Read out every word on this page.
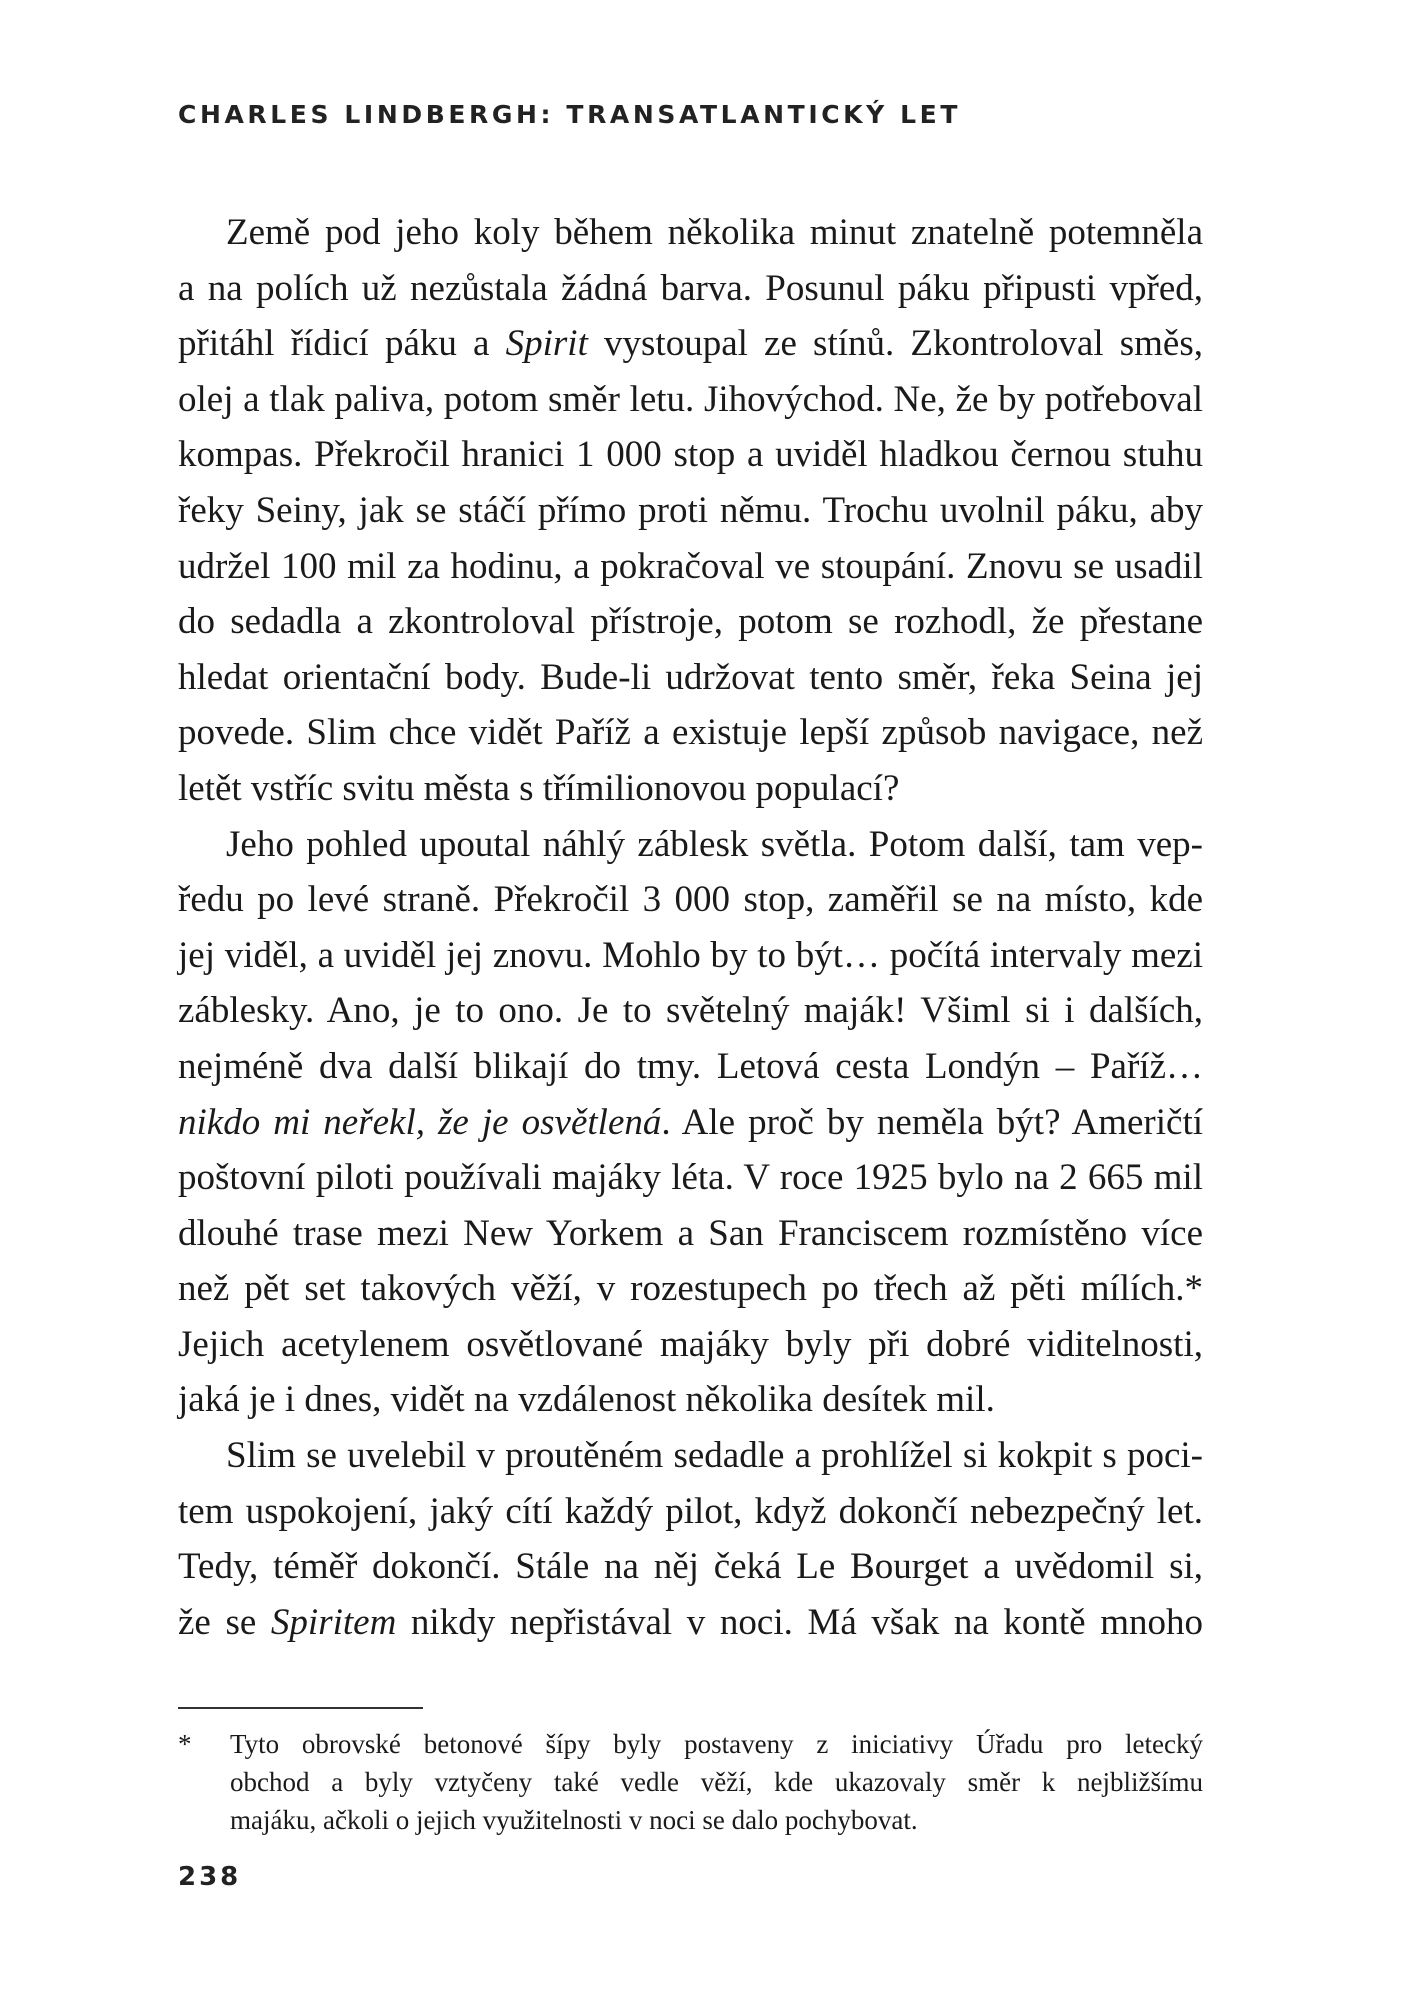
CHARLES LINDBERGH: TRANSATLANTICKÝ LET
Země pod jeho koly během několika minut znatelně potemněla
a na polích už nezůstala žádná barva. Posunul páku připusti vpřed,
přitáhl řídicí páku a Spirit vystoupal ze stínů. Zkontroloval směs,
olej a tlak paliva, potom směr letu. Jihovýchod. Ne, že by potřeboval
kompas. Překročil hranici 1 000 stop a uviděl hladkou černou stuhu
řeky Seiny, jak se stáčí přímo proti němu. Trochu uvolnil páku, aby
udržel 100 mil za hodinu, a pokračoval ve stoupání. Znovu se usadil
do sedadla a zkontroloval přístroje, potom se rozhodl, že přestane
hledat orientační body. Bude-li udržovat tento směr, řeka Seina jej
povede. Slim chce vidět Paříž a existuje lepší způsob navigace, než
letět vstříc svitu města s třímilionovou populací?
Jeho pohled upoutal náhlý záblesk světla. Potom další, tam vep-
ředu po levé straně. Překročil 3 000 stop, zaměřil se na místo, kde
jej viděl, a uviděl jej znovu. Mohlo by to být… počítá intervaly mezi
záblesky. Ano, je to ono. Je to světelný maják! Všiml si i dalších,
nejméně dva další blikají do tmy. Letová cesta Londýn – Paříž…
nikdo mi neřekl, že je osvětlená. Ale proč by neměla být? Američtí
poštovní piloti používali majáky léta. V roce 1925 bylo na 2 665 mil
dlouhé trase mezi New Yorkem a San Franciscem rozmístěno více
než pět set takových věží, v rozestupech po třech až pěti mílích.*
Jejich acetylenem osvětlované majáky byly při dobré viditelnosti,
jaká je i dnes, vidět na vzdálenost několika desítek mil.
Slim se uvelebil v proutěném sedadle a prohlížel si kokpit s poci-
tem uspokojení, jaký cítí každý pilot, když dokončí nebezpečný let.
Tedy, téměř dokončí. Stále na něj čeká Le Bourget a uvědomil si,
že se Spiritem nikdy nepřistával v noci. Má však na kontě mnoho
* Tyto obrovské betonové šípy byly postaveny z iniciativy Úřadu pro letecký
obchod a byly vztyčeny také vedle věží, kde ukazovaly směr k nejbližšímu
majáku, ačkoli o jejich využitelnosti v noci se dalo pochybovat.
238
